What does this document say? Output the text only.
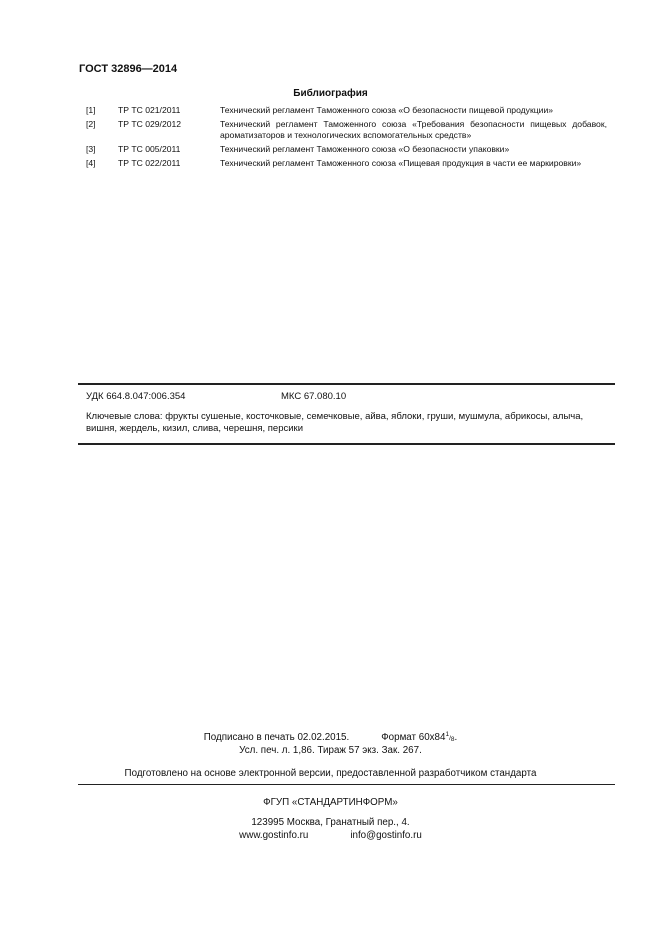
ГОСТ 32896—2014
Библиография
[1]	ТР ТС 021/2011	Технический регламент Таможенного союза «О безопасности пищевой продукции»
[2]	ТР ТС 029/2012	Технический регламент Таможенного союза «Требования безопасности пищевых добавок, ароматизаторов и технологических вспомогательных средств»
[3]	ТР ТС 005/2011	Технический регламент Таможенного союза «О безопасности упаковки»
[4]	ТР ТС 022/2011	Технический регламент Таможенного союза «Пищевая продукция в части ее маркировки»
УДК 664.8.047:006.354	МКС 67.080.10
Ключевые слова: фрукты сушеные, косточковые, семечковые, айва, яблоки, груши, мушмула, абрикосы, алыча, вишня, жердель, кизил, слива, черешня, персики
Подписано в печать 02.02.2015.	Формат $60x84^1/8$.
Усл. печ. л. 1,86. Тираж 57 экз. Зак. 267.
Подготовлено на основе электронной версии, предоставленной разработчиком стандарта
ФГУП «СТАНДАРТИНФОРМ»
123995 Москва, Гранатный пер., 4.
www.gostinfo.ru	info@gostinfo.ru
